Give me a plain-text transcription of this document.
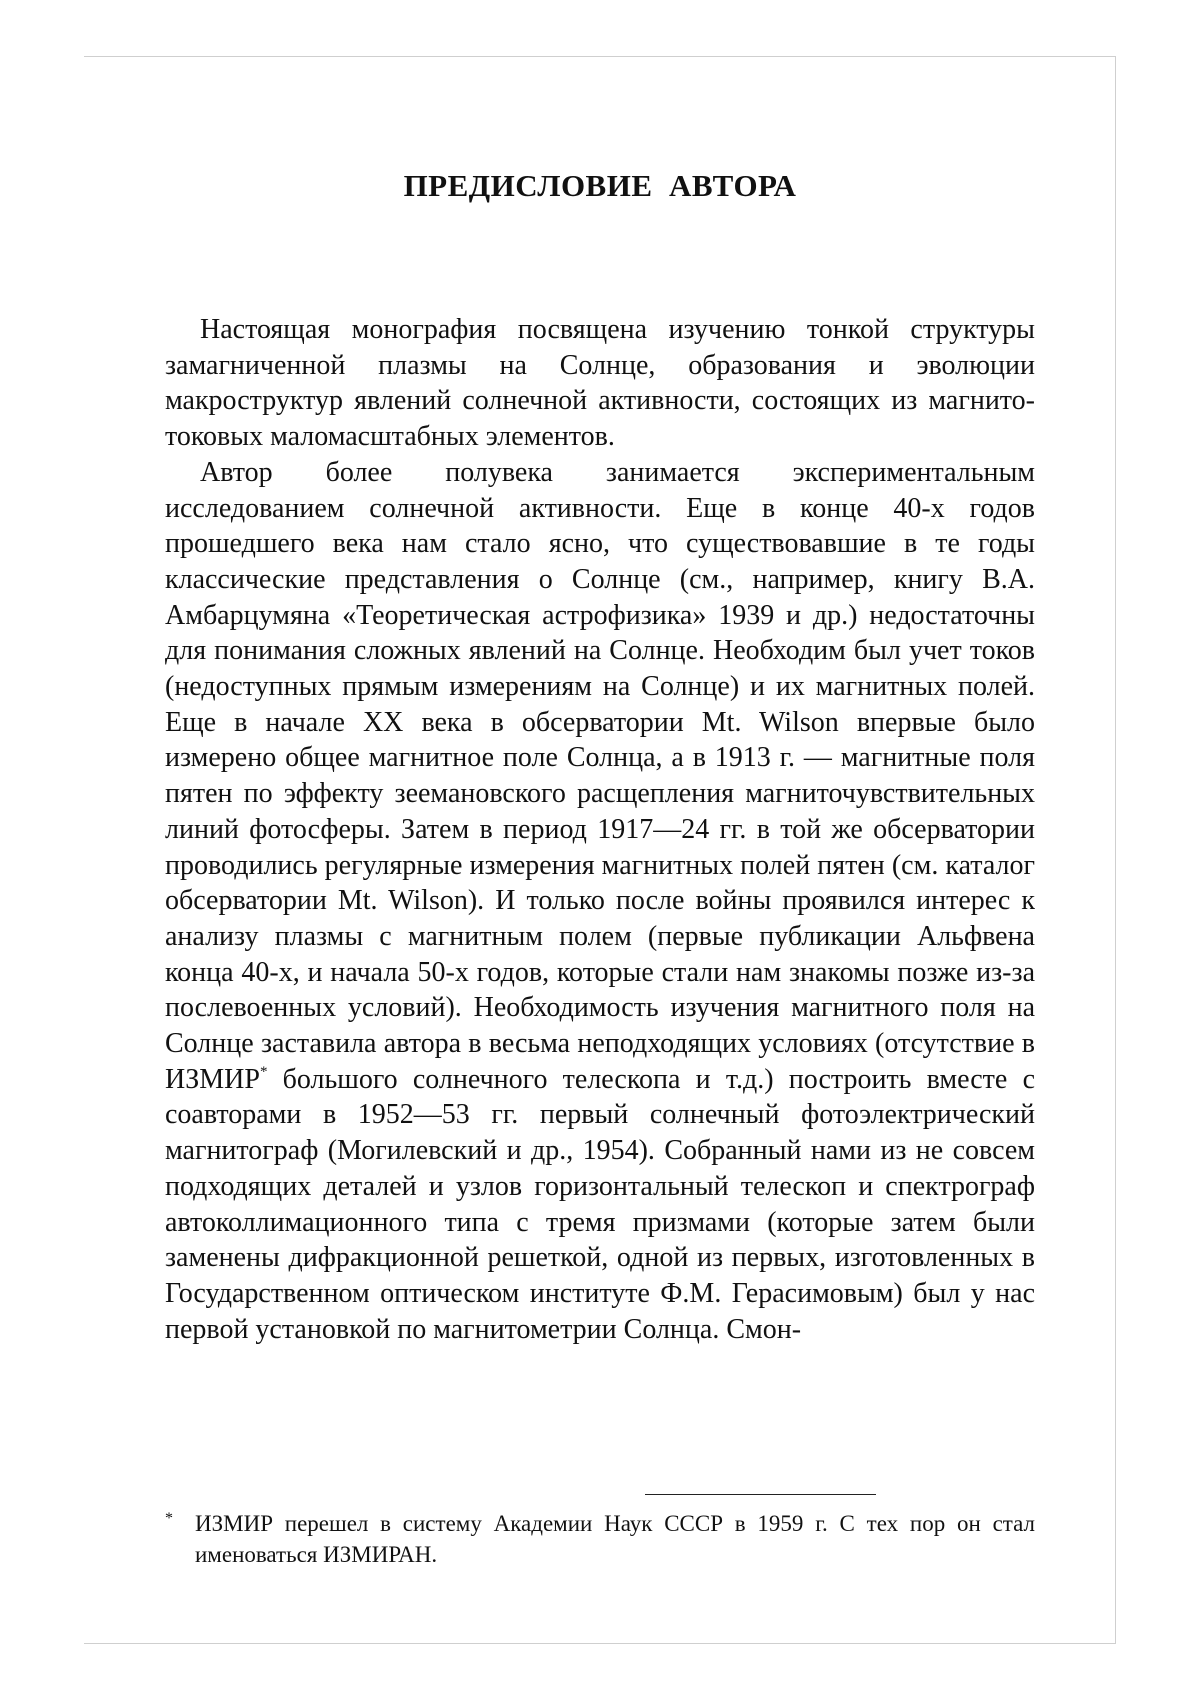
ПРЕДИСЛОВИЕ  АВТОРА

Настоящая монография посвящена изучению тонкой структуры замагниченной плазмы на Солнце, образования и эволюции макроструктур явлений солнечной активности, состоящих из магнито-токовых маломасштабных элементов.

Автор более полувека занимается экспериментальным исследованием солнечной активности. Еще в конце 40-х годов прошедшего века нам стало ясно, что существовавшие в те годы классические представления о Солнце (см., например, книгу В.А. Амбарцумяна «Теоретическая астрофизика» 1939 и др.) недостаточны для понимания сложных явлений на Солнце. Необходим был учет токов (недоступных прямым измерениям на Солнце) и их магнитных полей. Еще в начале XX века в обсерватории Mt. Wilson впервые было измерено общее магнитное поле Солнца, а в 1913 г. — магнитные поля пятен по эффекту зеемановского расщепления магниточувствительных линий фотосферы. Затем в период 1917—24 гг. в той же обсерватории проводились регулярные измерения магнитных полей пятен (см. каталог обсерватории Mt. Wilson). И только после войны проявился интерес к анализу плазмы с магнитным полем (первые публикации Альфвена конца 40-х, и начала 50-х годов, которые стали нам знакомы позже из-за послевоенных условий). Необходимость изучения магнитного поля на Солнце заставила автора в весьма неподходящих условиях (отсутствие в ИЗМИР* большого солнечного телескопа и т.д.) построить вместе с соавторами в 1952—53 гг. первый солнечный фотоэлектрический магнитограф (Могилевский и др., 1954). Собранный нами из не совсем подходящих деталей и узлов горизонтальный телескоп и спектрограф автоколлимационного типа с тремя призмами (которые затем были заменены дифракционной решеткой, одной из первых, изготовленных в Государственном оптическом институте Ф.М. Герасимовым) был у нас первой установкой по магнитометрии Солнца. Смон-

* ИЗМИР перешел в систему Академии Наук СССР в 1959 г. С тех пор он стал именоваться ИЗМИРАН.
